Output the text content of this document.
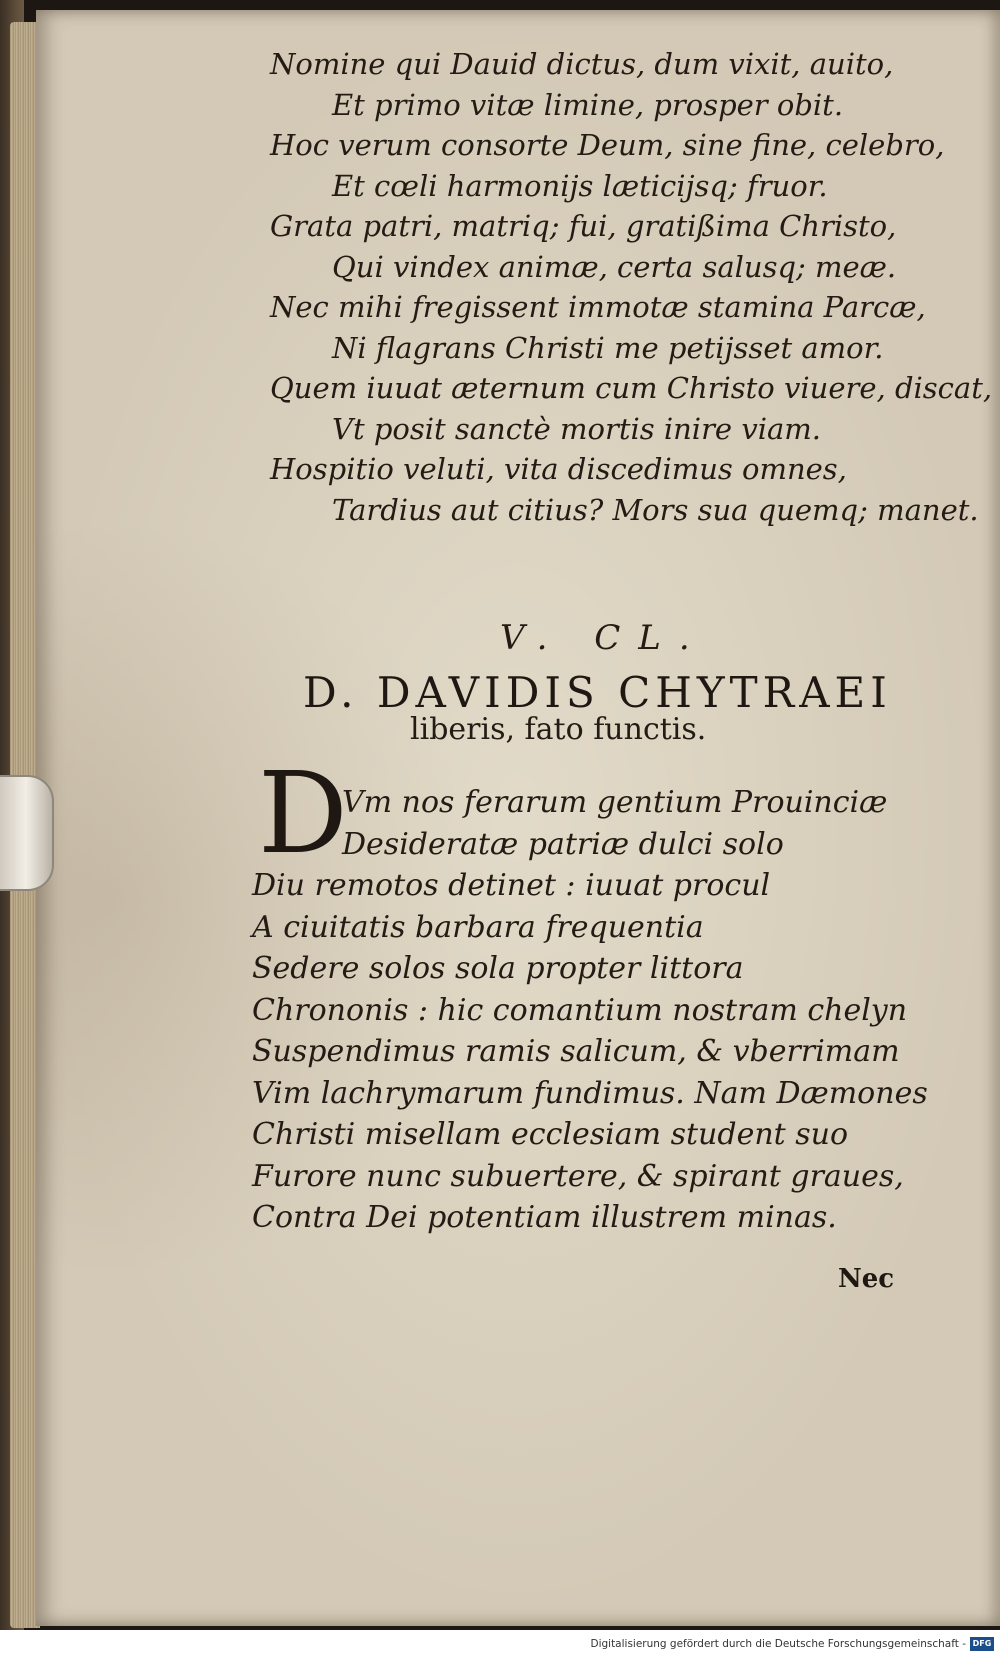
Nomine qui Dauid dictus, dum vixit, auito,
Et primo vitæ limine, prosper obit.
Hoc verum consorte Deum, sine fine, celebro,
Et cœli harmonijs læticijsq; fruor.
Grata patri, matriq; fui, gratißima Christo,
Qui vindex animæ, certa salusq; meæ.
Nec mihi fregissent immotæ stamina Parcæ,
Ni flagrans Christi me petijsset amor.
Quem iuuat æternum cum Christo viuere, discat,
Vt posit sanctè mortis inire viam.
Hospitio veluti, vita discedimus omnes,
Tardius aut citius? Mors sua quemq; manet.
V. CL.
D. DAVIDIS CHYTRAEI
liberis, fato functis.
D
Vm nos ferarum gentium Prouinciæ
Desideratæ patriæ dulci solo
Diu remotos detinet : iuuat procul
A ciuitatis barbara frequentia
Sedere solos sola propter littora
Chrononis : hic comantium nostram chelyn
Suspendimus ramis salicum, & vberrimam
Vim lachrymarum fundimus. Nam Dæmones
Christi misellam ecclesiam student suo
Furore nunc subuertere, & spirant graues,
Contra Dei potentiam illustrem minas.
Nec
Digitalisierung gefördert durch die Deutsche Forschungsgemeinschaft - DFG
